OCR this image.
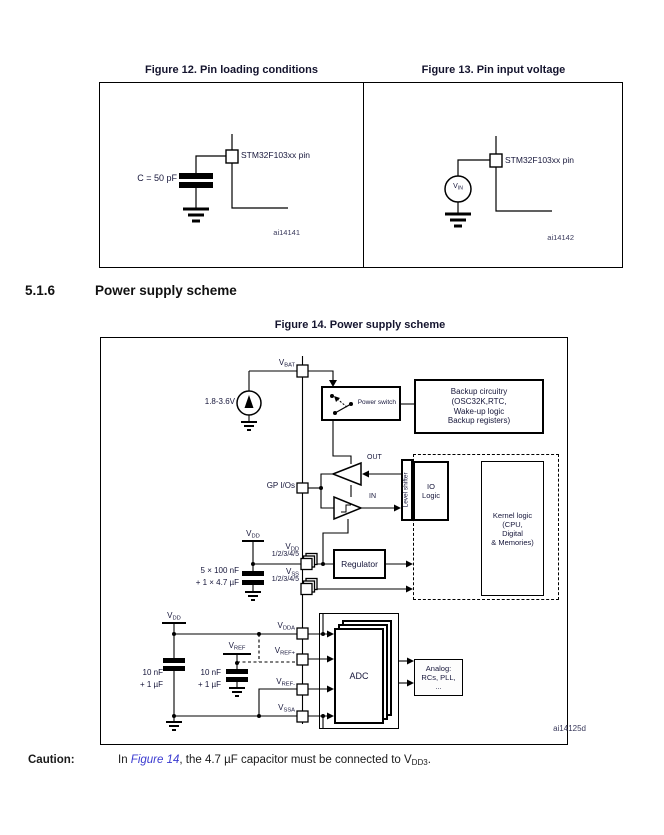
Figure 12. Pin loading conditions
STM32F103xx pin
C = 50 pF
ai14141
Figure 13. Pin input voltage
STM32F103xx pin
$V_{IN}$
ai14142
5.1.6	Power supply scheme
Figure 14. Power supply scheme
Power switch
Backup circuitry
(OSC32K,RTC,
Wake-up logic
Backup registers)
Level shifter IO
Logic
Kernel logic
(CPU,
Digital
& Memories)
Regulator
ADC
Analog:
RCs, PLL,
...
$V_{BAT}$
1.8-3.6V
OUT
IN
GP I/Os
$V_{DD}$
$V_{DD}$
1/2/3/4/5
$V_{SS}$
1/2/3/4/5
5 × 100 nF
+ 1 × 4.7 µF
$V_{DD}$
10 nF
+ 1 µF
$V_{REF}$
10 nF
+ 1 µF
$V_{DDA}$
$V_{REF+}$
$V_{REF-}$
$V_{SSA}$
ai14125d
Caution:	In Figure 14, the 4.7 µF capacitor must be connected to $V_{DD3}$.
